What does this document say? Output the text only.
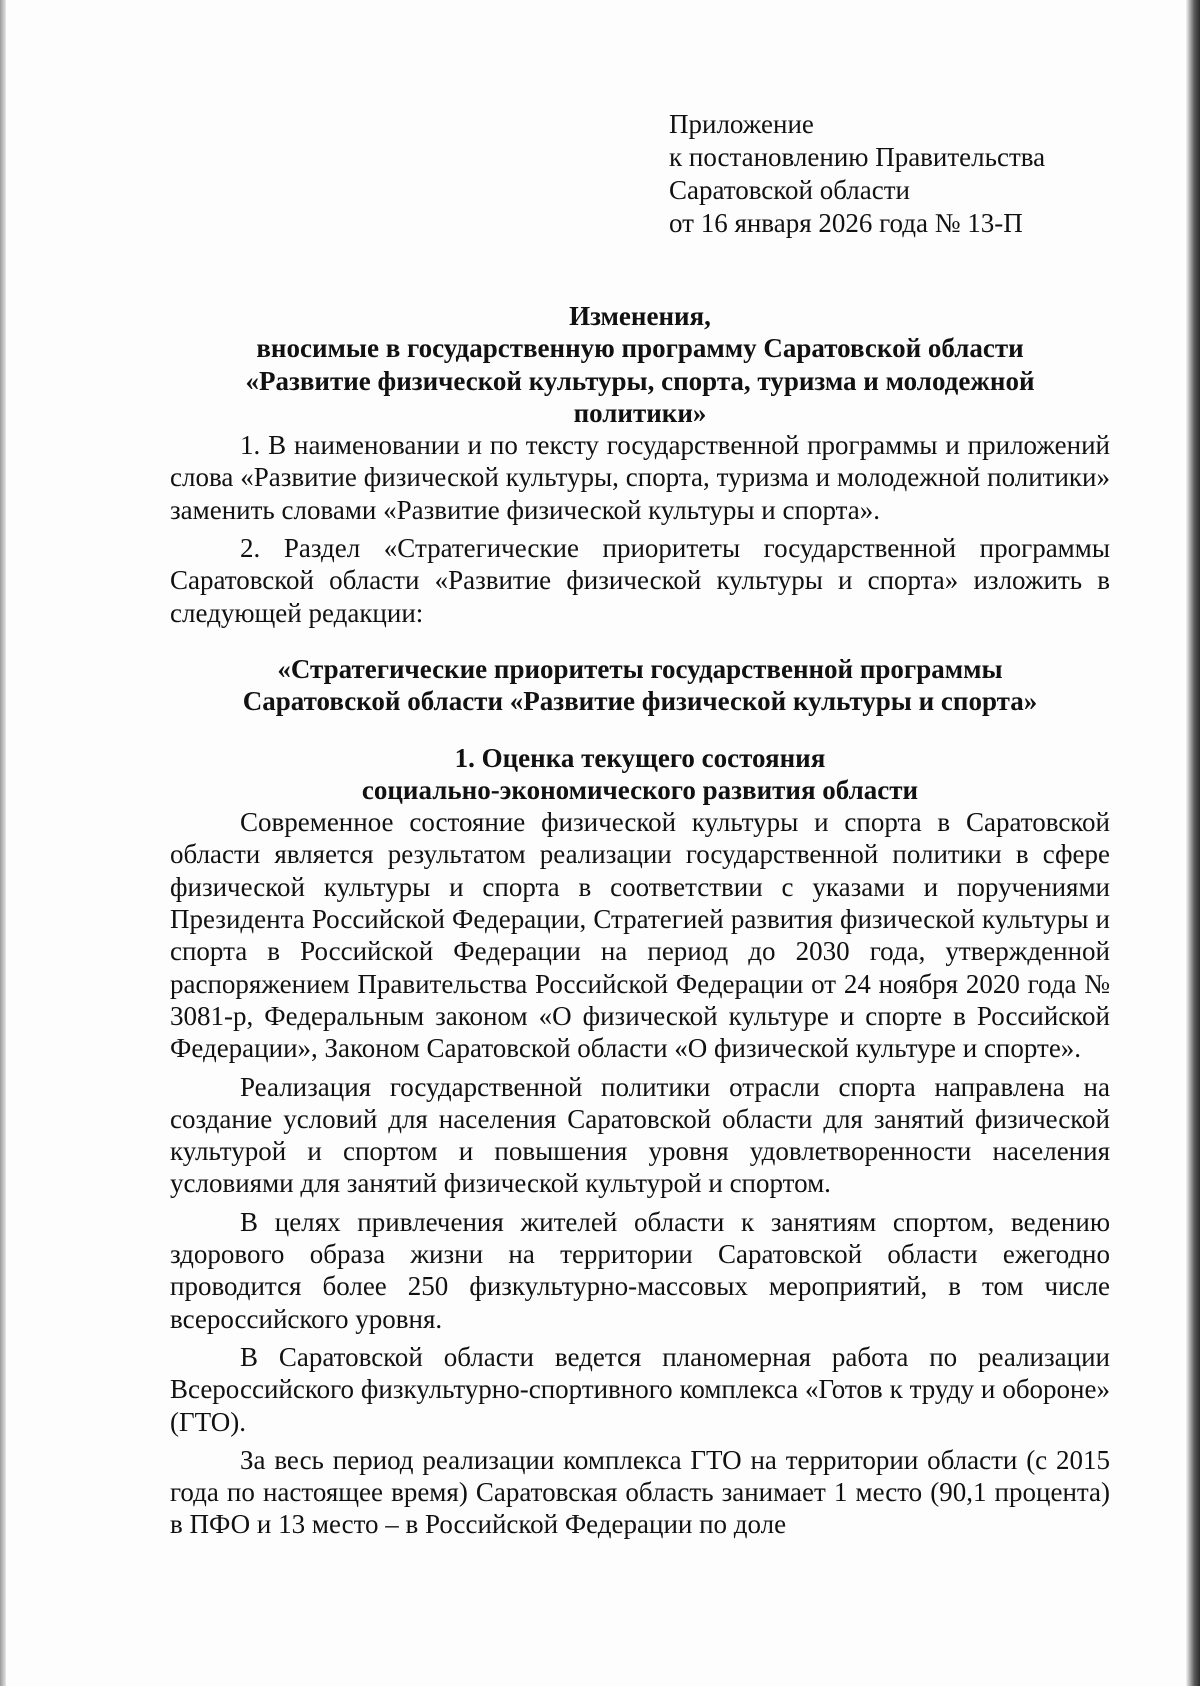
Приложение
к постановлению Правительства
Саратовской области
от 16 января 2026 года № 13-П
Изменения,
вносимые в государственную программу Саратовской области
«Развитие физической культуры, спорта, туризма и молодежной
политики»

1. В наименовании и по тексту государственной программы и приложений слова «Развитие физической культуры, спорта, туризма и молодежной политики» заменить словами «Развитие физической культуры и спорта».

2. Раздел «Стратегические приоритеты государственной программы Саратовской области «Развитие физической культуры и спорта» изложить в следующей редакции:

«Стратегические приоритеты государственной программы
Саратовской области «Развитие физической культуры и спорта»
1. Оценка текущего состояния
социально-экономического развития области

Современное состояние физической культуры и спорта в Саратовской области является результатом реализации государственной политики в сфере физической культуры и спорта в соответствии с указами и поручениями Президента Российской Федерации, Стратегией развития физической культуры и спорта в Российской Федерации на период до 2030 года, утвержденной распоряжением Правительства Российской Федерации от 24 ноября 2020 года № 3081-р, Федеральным законом «О физической культуре и спорте в Российской Федерации», Законом Саратовской области «О физической культуре и спорте».

Реализация государственной политики отрасли спорта направлена на создание условий для населения Саратовской области для занятий физической культурой и спортом и повышения уровня удовлетворенности населения условиями для занятий физической культурой и спортом.

В целях привлечения жителей области к занятиям спортом, ведению здорового образа жизни на территории Саратовской области ежегодно проводится более 250 физкультурно-массовых мероприятий, в том числе всероссийского уровня.

В Саратовской области ведется планомерная работа по реализации Всероссийского физкультурно-спортивного комплекса «Готов к труду и обороне» (ГТО).

За весь период реализации комплекса ГТО на территории области (с 2015 года по настоящее время) Саратовская область занимает 1 место (90,1 процента) в ПФО и 13 место – в Российской Федерации по доле
